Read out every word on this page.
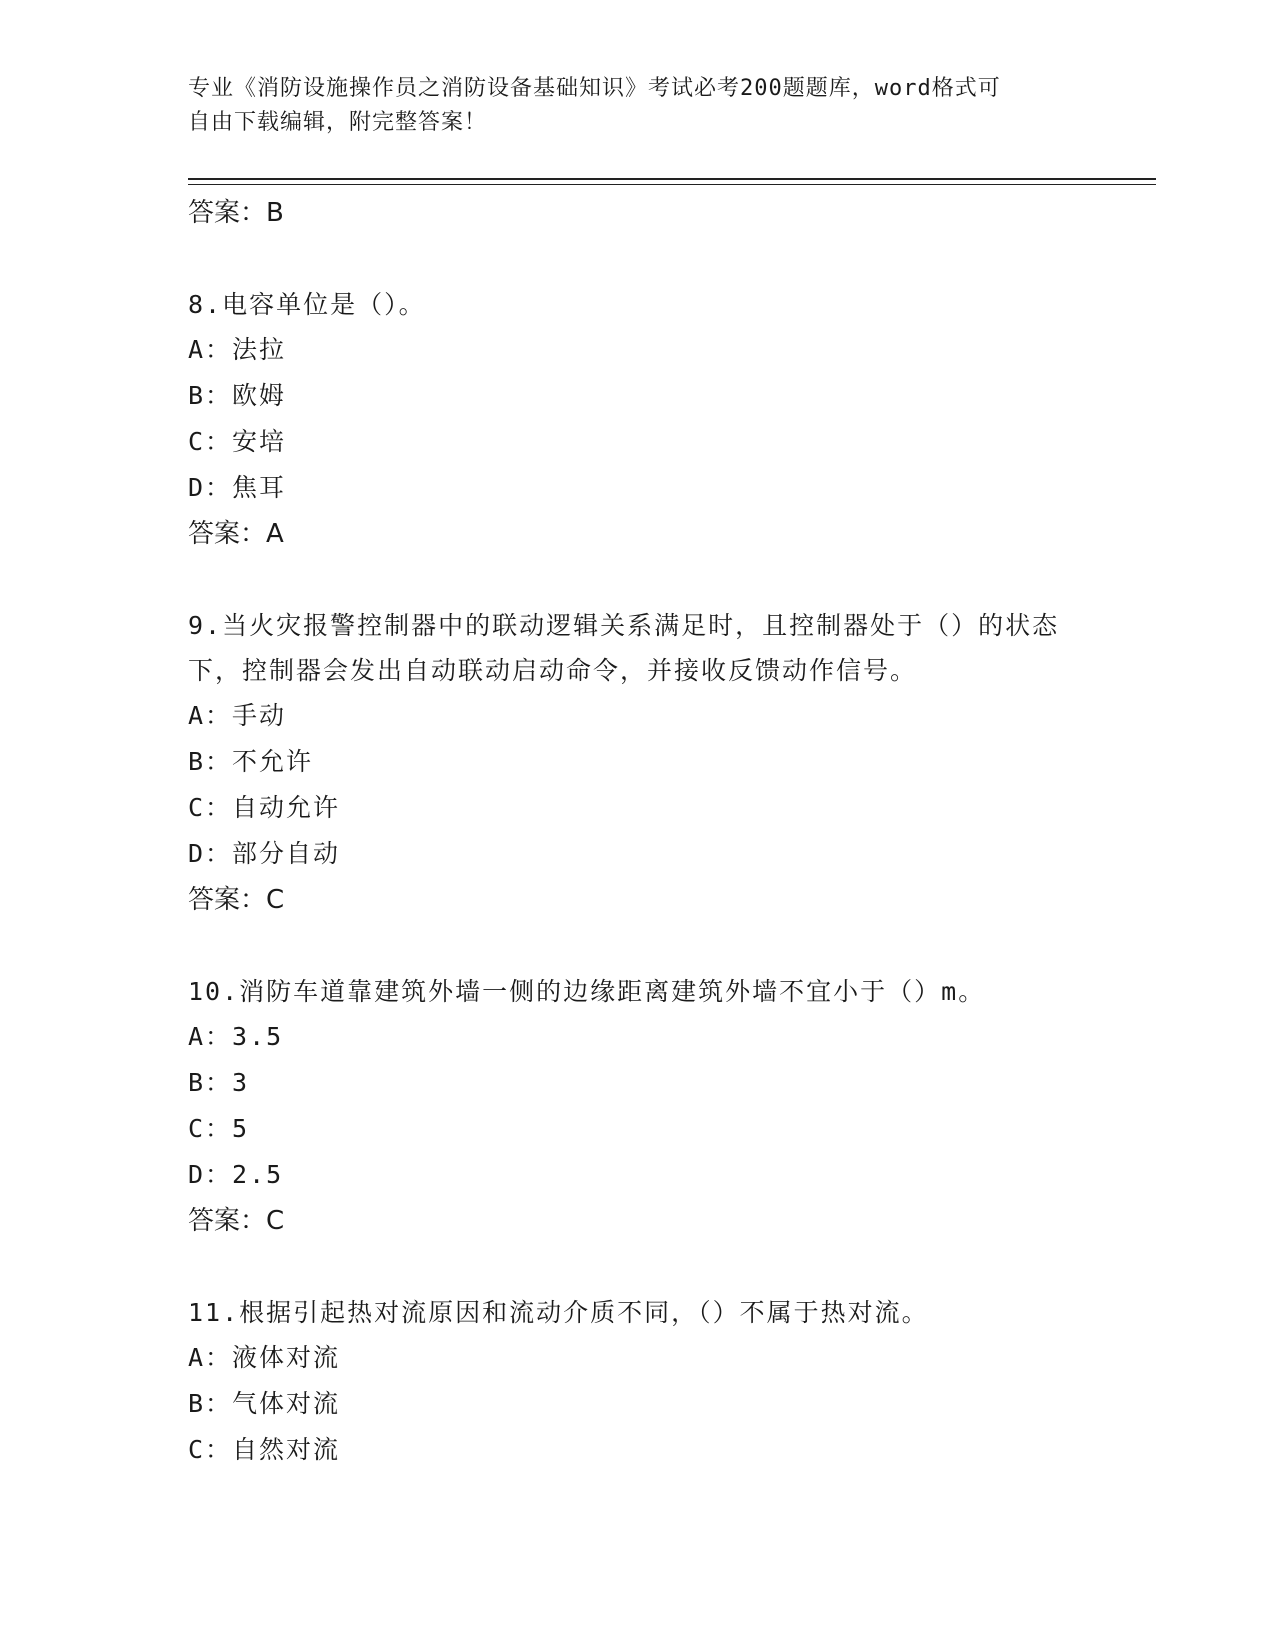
专业《消防设施操作员之消防设备基础知识》考试必考200题题库，word格式可
自由下载编辑，附完整答案！
答案：B
8.电容单位是（）。
A：法拉
B：欧姆
C：安培
D：焦耳
答案：A
9.当火灾报警控制器中的联动逻辑关系满足时，且控制器处于（）的状态下，控制器会发出自动联动启动命令，并接收反馈动作信号。
A：手动
B：不允许
C：自动允许
D：部分自动
答案：C
10.消防车道靠建筑外墙一侧的边缘距离建筑外墙不宜小于（）m。
A：3.5
B：3
C：5
D：2.5
答案：C
11.根据引起热对流原因和流动介质不同，（）不属于热对流。
A：液体对流
B：气体对流
C：自然对流
